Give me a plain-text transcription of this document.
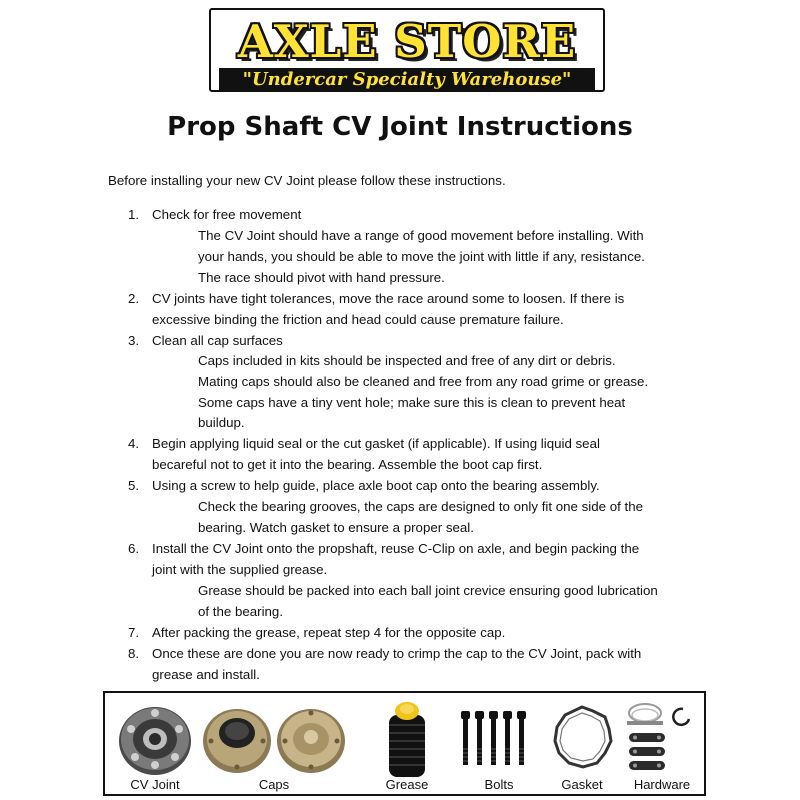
AXLE STORE
"Undercar Specialty Warehouse"
Prop Shaft CV Joint Instructions
Before installing your new CV Joint please follow these instructions.
1. Check for free movement
The CV Joint should have a range of good movement before installing. With
your hands, you should be able to move the joint with little if any, resistance.
The race should pivot with hand pressure.
2. CV joints have tight tolerances, move the race around some to loosen. If there is
excessive binding the friction and head could cause premature failure.
3. Clean all cap surfaces
Caps included in kits should be inspected and free of any dirt or debris.
Mating caps should also be cleaned and free from any road grime or grease.
Some caps have a tiny vent hole; make sure this is clean to prevent heat
buildup.
4. Begin applying liquid seal or the cut gasket (if applicable). If using liquid seal
becareful not to get it into the bearing. Assemble the boot cap first.
5. Using a screw to help guide, place axle boot cap onto the bearing assembly.
Check the bearing grooves, the caps are designed to only fit one side of the
bearing. Watch gasket to ensure a proper seal.
6. Install the CV Joint onto the propshaft, reuse C-Clip on axle, and begin packing the
joint with the supplied grease.
Grease should be packed into each ball joint crevice ensuring good lubrication
of the bearing.
7. After packing the grease, repeat step 4 for the opposite cap.
8. Once these are done you are now ready to crimp the cap to the CV Joint, pack with
grease and install.
CV Joint	Caps	Grease	Bolts	Gasket	Hardware
